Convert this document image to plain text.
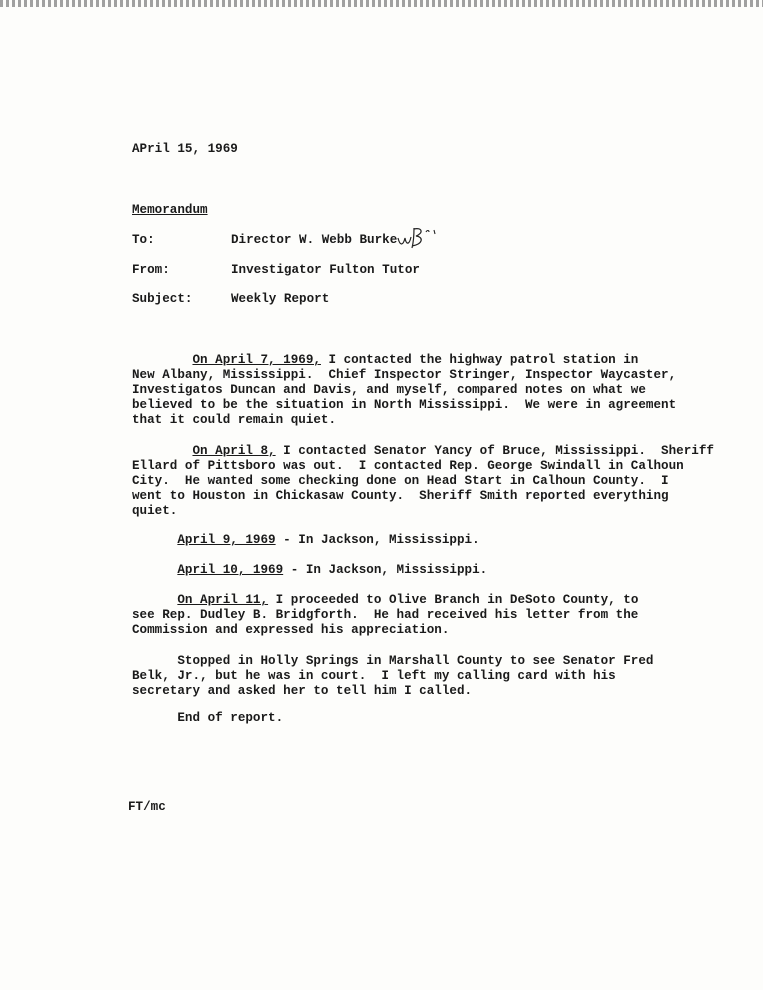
APril 15, 1969
Memorandum
To:	Director W. Webb Burke
From:	Investigator Fulton Tutor
Subject:	Weekly Report
On April 7, 1969, I contacted the highway patrol station in
New Albany, Mississippi.  Chief Inspector Stringer, Inspector Waycaster,
Investigatos Duncan and Davis, and myself, compared notes on what we
believed to be the situation in North Mississippi.  We were in agreement
that it could remain quiet.
On April 8, I contacted Senator Yancy of Bruce, Mississippi.  Sheriff
Ellard of Pittsboro was out.  I contacted Rep. George Swindall in Calhoun
City.  He wanted some checking done on Head Start in Calhoun County.  I
went to Houston in Chickasaw County.  Sheriff Smith reported everything
quiet.
April 9, 1969 - In Jackson, Mississippi.
April 10, 1969 - In Jackson, Mississippi.
On April 11, I proceeded to Olive Branch in DeSoto County, to
see Rep. Dudley B. Bridgforth.  He had received his letter from the
Commission and expressed his appreciation.
Stopped in Holly Springs in Marshall County to see Senator Fred
Belk, Jr., but he was in court.  I left my calling card with his
secretary and asked her to tell him I called.
End of report.
FT/mc
